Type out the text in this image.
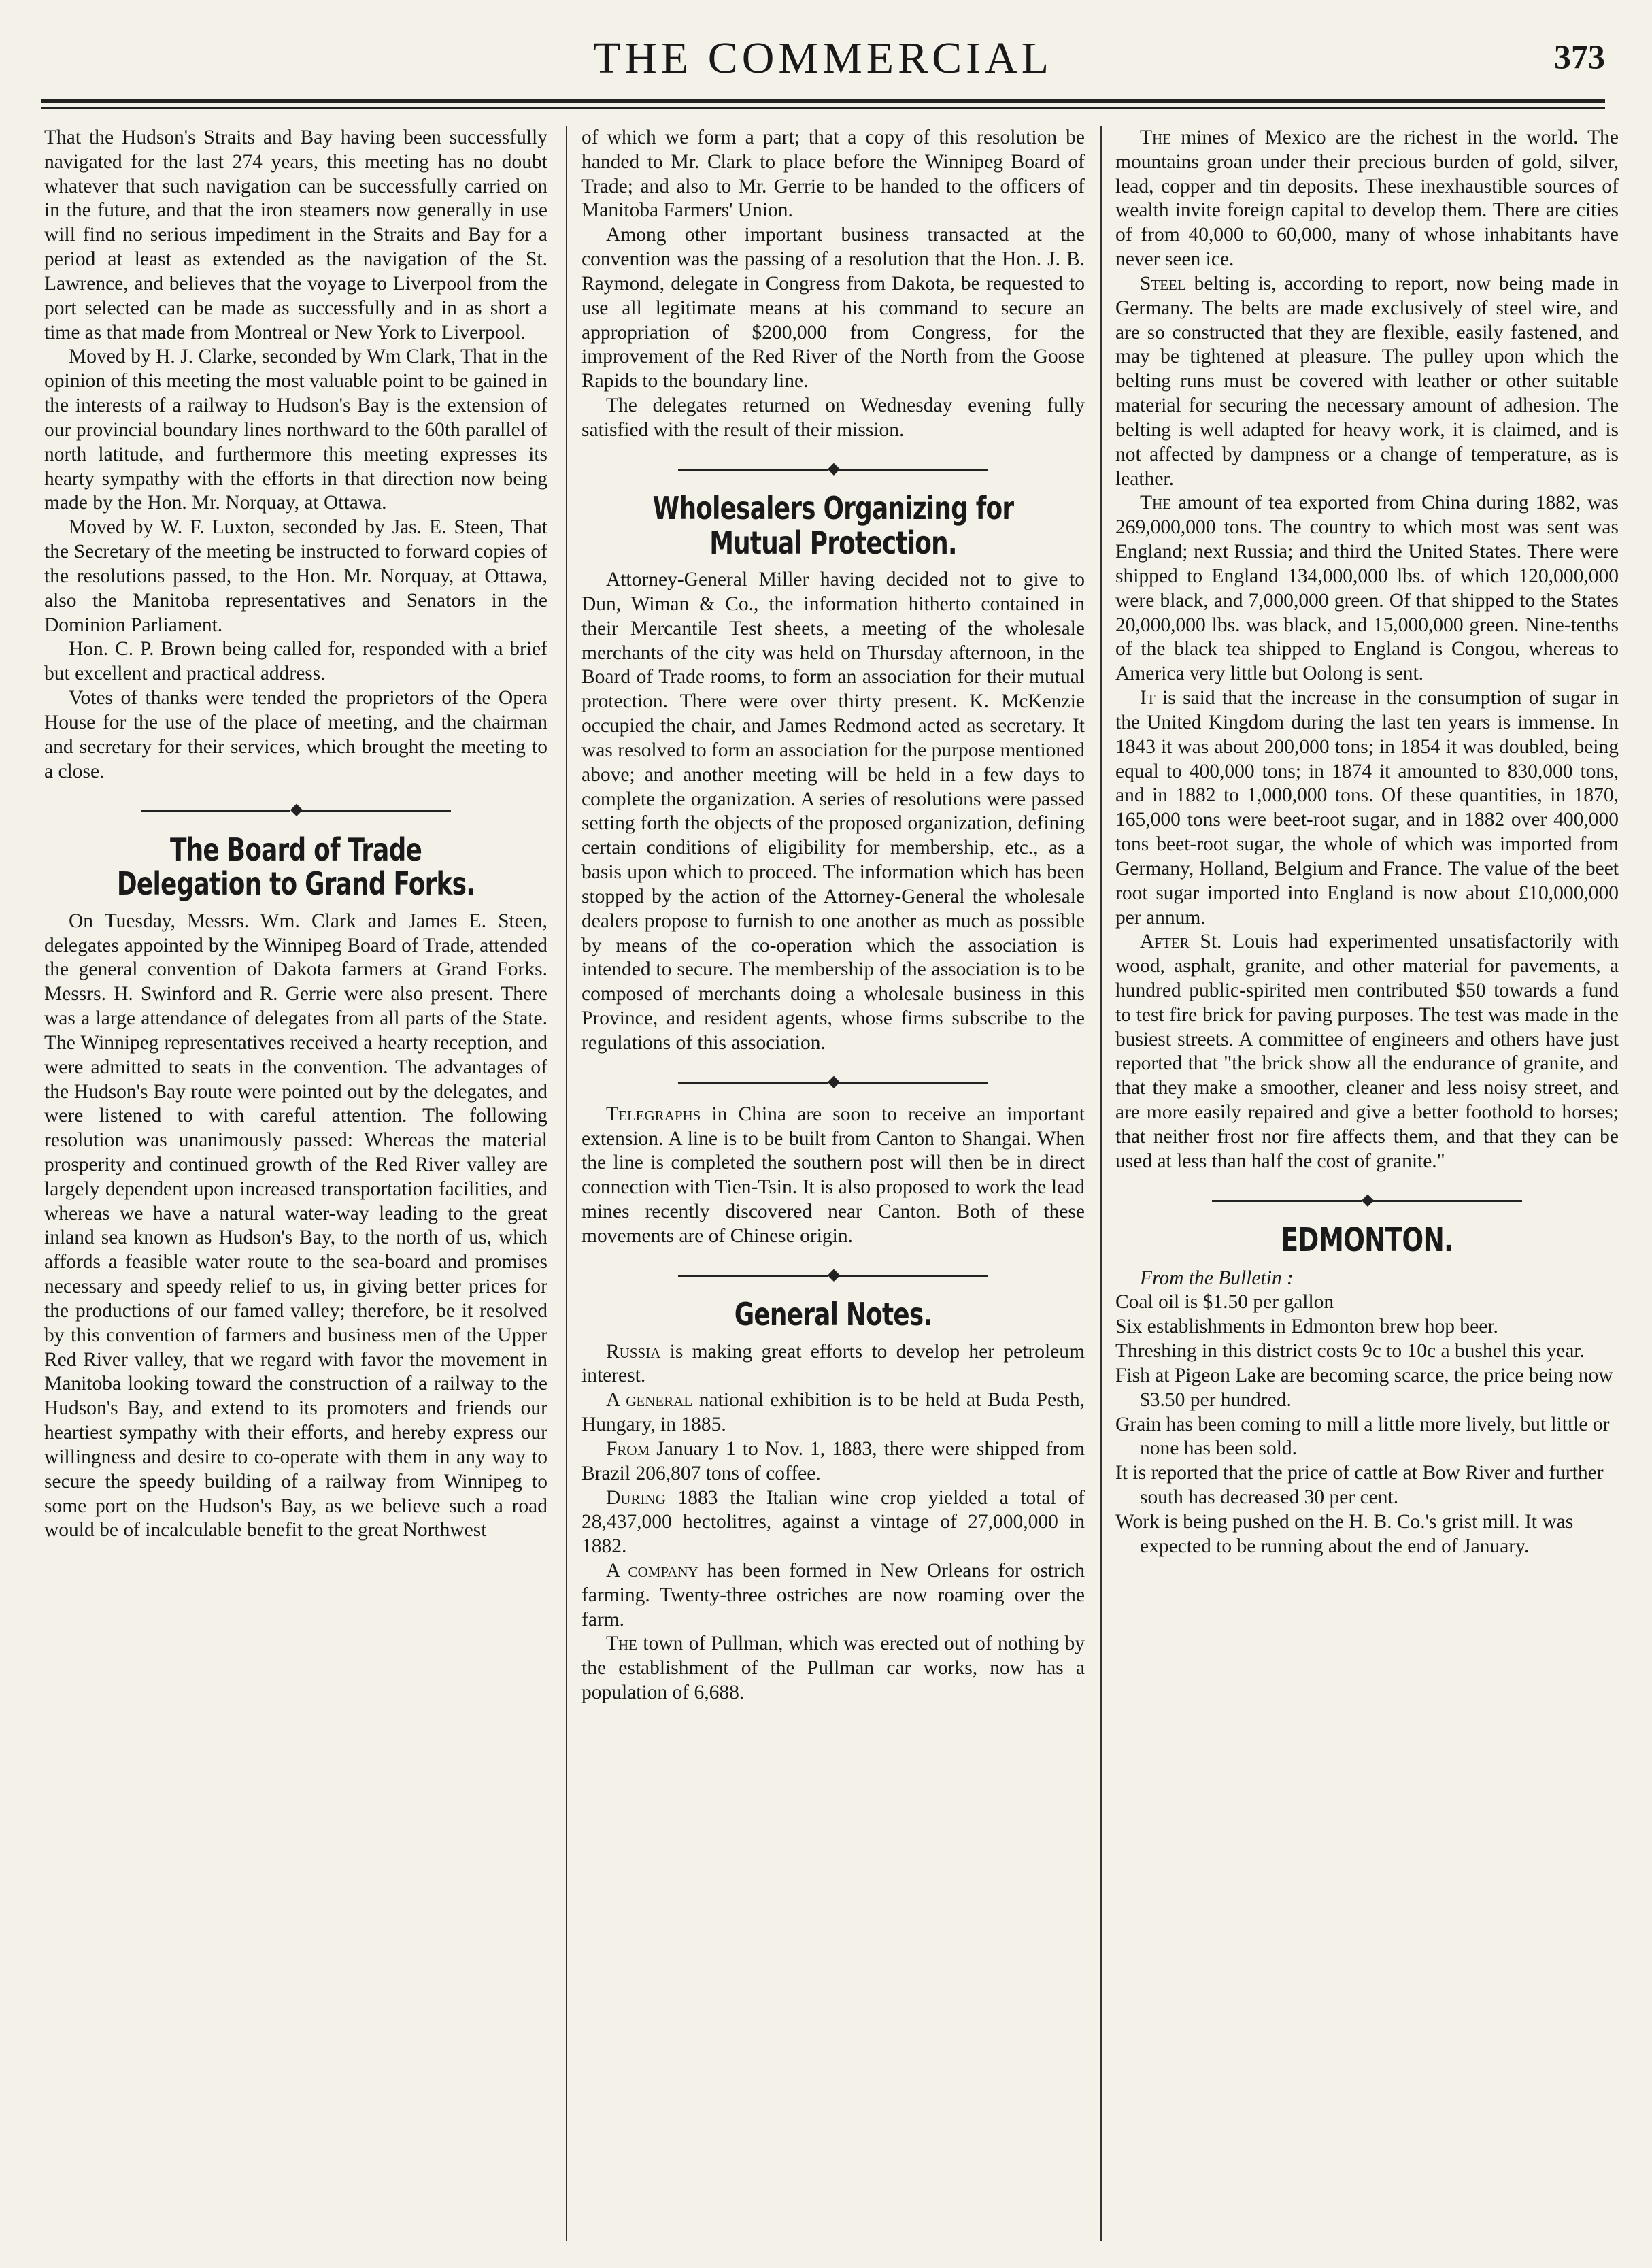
THE COMMERCIAL	373

That the Hudson's Straits and Bay having been successfully navigated for the last 274 years, this meeting has no doubt whatever that such navigation can be successfully carried on in the future, and that the iron steamers now generally in use will find no serious impediment in the Straits and Bay for a period at least as extended as the navigation of the St. Lawrence, and believes that the voyage to Liverpool from the port selected can be made as successfully and in as short a time as that made from Montreal or New York to Liverpool.

Moved by H. J. Clarke, seconded by Wm Clark, That in the opinion of this meeting the most valuable point to be gained in the interests of a railway to Hudson's Bay is the extension of our provincial boundary lines northward to the 60th parallel of north latitude, and furthermore this meeting expresses its hearty sympathy with the efforts in that direction now being made by the Hon. Mr. Norquay, at Ottawa.

Moved by W. F. Luxton, seconded by Jas. E. Steen, That the Secretary of the meeting be instructed to forward copies of the resolutions passed, to the Hon. Mr. Norquay, at Ottawa, also the Manitoba representatives and Senators in the Dominion Parliament.

Hon. C. P. Brown being called for, responded with a brief but excellent and practical address.

Votes of thanks were tended the proprietors of the Opera House for the use of the place of meeting, and the chairman and secretary for their services, which brought the meeting to a close.

◆
The Board of Trade Delegation to Grand Forks.

On Tuesday, Messrs. Wm. Clark and James E. Steen, delegates appointed by the Winnipeg Board of Trade, attended the general convention of Dakota farmers at Grand Forks. Messrs. H. Swinford and R. Gerrie were also present. There was a large attendance of delegates from all parts of the State. The Winnipeg representatives received a hearty reception, and were admitted to seats in the convention. The advantages of the Hudson's Bay route were pointed out by the delegates, and were listened to with careful attention. The following resolution was unanimously passed: Whereas the material prosperity and continued growth of the Red River valley are largely dependent upon increased transportation facilities, and whereas we have a natural water-way leading to the great inland sea known as Hudson's Bay, to the north of us, which affords a feasible water route to the sea-board and promises necessary and speedy relief to us, in giving better prices for the productions of our famed valley; therefore, be it resolved by this convention of farmers and business men of the Upper Red River valley, that we regard with favor the movement in Manitoba looking toward the construction of a railway to the Hudson's Bay, and extend to its promoters and friends our heartiest sympathy with their efforts, and hereby express our willingness and desire to co-operate with them in any way to secure the speedy building of a railway from Winnipeg to some port on the Hudson's Bay, as we believe such a road would be of incalculable benefit to the great Northwest

of which we form a part; that a copy of this resolution be handed to Mr. Clark to place before the Winnipeg Board of Trade; and also to Mr. Gerrie to be handed to the officers of Manitoba Farmers' Union.

Among other important business transacted at the convention was the passing of a resolution that the Hon. J. B. Raymond, delegate in Congress from Dakota, be requested to use all legitimate means at his command to secure an appropriation of $200,000 from Congress, for the improvement of the Red River of the North from the Goose Rapids to the boundary line.

The delegates returned on Wednesday evening fully satisfied with the result of their mission.

◆
Wholesalers Organizing for Mutual Protection.

Attorney-General Miller having decided not to give to Dun, Wiman & Co., the information hitherto contained in their Mercantile Test sheets, a meeting of the wholesale merchants of the city was held on Thursday afternoon, in the Board of Trade rooms, to form an association for their mutual protection. There were over thirty present. K. McKenzie occupied the chair, and James Redmond acted as secretary. It was resolved to form an association for the purpose mentioned above; and another meeting will be held in a few days to complete the organization. A series of resolutions were passed setting forth the objects of the proposed organization, defining certain conditions of eligibility for membership, etc., as a basis upon which to proceed. The information which has been stopped by the action of the Attorney-General the wholesale dealers propose to furnish to one another as much as possible by means of the co-operation which the association is intended to secure. The membership of the association is to be composed of merchants doing a wholesale business in this Province, and resident agents, whose firms subscribe to the regulations of this association.

◆

Telegraphs in China are soon to receive an important extension. A line is to be built from Canton to Shangai. When the line is completed the southern post will then be in direct connection with Tien-Tsin. It is also proposed to work the lead mines recently discovered near Canton. Both of these movements are of Chinese origin.

◆
General Notes.

Russia is making great efforts to develop her petroleum interest.

A general national exhibition is to be held at Buda Pesth, Hungary, in 1885.

From January 1 to Nov. 1, 1883, there were shipped from Brazil 206,807 tons of coffee.

During 1883 the Italian wine crop yielded a total of 28,437,000 hectolitres, against a vintage of 27,000,000 in 1882.

A company has been formed in New Orleans for ostrich farming. Twenty-three ostriches are now roaming over the farm.

The town of Pullman, which was erected out of nothing by the establishment of the Pullman car works, now has a population of 6,688.

The mines of Mexico are the richest in the world. The mountains groan under their precious burden of gold, silver, lead, copper and tin deposits. These inexhaustible sources of wealth invite foreign capital to develop them. There are cities of from 40,000 to 60,000, many of whose inhabitants have never seen ice.

Steel belting is, according to report, now being made in Germany. The belts are made exclusively of steel wire, and are so constructed that they are flexible, easily fastened, and may be tightened at pleasure. The pulley upon which the belting runs must be covered with leather or other suitable material for securing the necessary amount of adhesion. The belting is well adapted for heavy work, it is claimed, and is not affected by dampness or a change of temperature, as is leather.

The amount of tea exported from China during 1882, was 269,000,000 tons. The country to which most was sent was England; next Russia; and third the United States. There were shipped to England 134,000,000 lbs. of which 120,000,000 were black, and 7,000,000 green. Of that shipped to the States 20,000,000 lbs. was black, and 15,000,000 green. Nine-tenths of the black tea shipped to England is Congou, whereas to America very little but Oolong is sent.

It is said that the increase in the consumption of sugar in the United Kingdom during the last ten years is immense. In 1843 it was about 200,000 tons; in 1854 it was doubled, being equal to 400,000 tons; in 1874 it amounted to 830,000 tons, and in 1882 to 1,000,000 tons. Of these quantities, in 1870, 165,000 tons were beet-root sugar, and in 1882 over 400,000 tons beet-root sugar, the whole of which was imported from Germany, Holland, Belgium and France. The value of the beet root sugar imported into England is now about £10,000,000 per annum.

After St. Louis had experimented unsatisfactorily with wood, asphalt, granite, and other material for pavements, a hundred public-spirited men contributed $50 towards a fund to test fire brick for paving purposes. The test was made in the busiest streets. A committee of engineers and others have just reported that "the brick show all the endurance of granite, and that they make a smoother, cleaner and less noisy street, and are more easily repaired and give a better foothold to horses; that neither frost nor fire affects them, and that they can be used at less than half the cost of granite."

◆
EDMONTON.

From the Bulletin :

Coal oil is $1.50 per gallon

Six establishments in Edmonton brew hop beer.

Threshing in this district costs 9c to 10c a bushel this year.

Fish at Pigeon Lake are becoming scarce, the price being now $3.50 per hundred.

Grain has been coming to mill a little more lively, but little or none has been sold.

It is reported that the price of cattle at Bow River and further south has decreased 30 per cent.

Work is being pushed on the H. B. Co.'s grist mill. It was expected to be running about the end of January.
